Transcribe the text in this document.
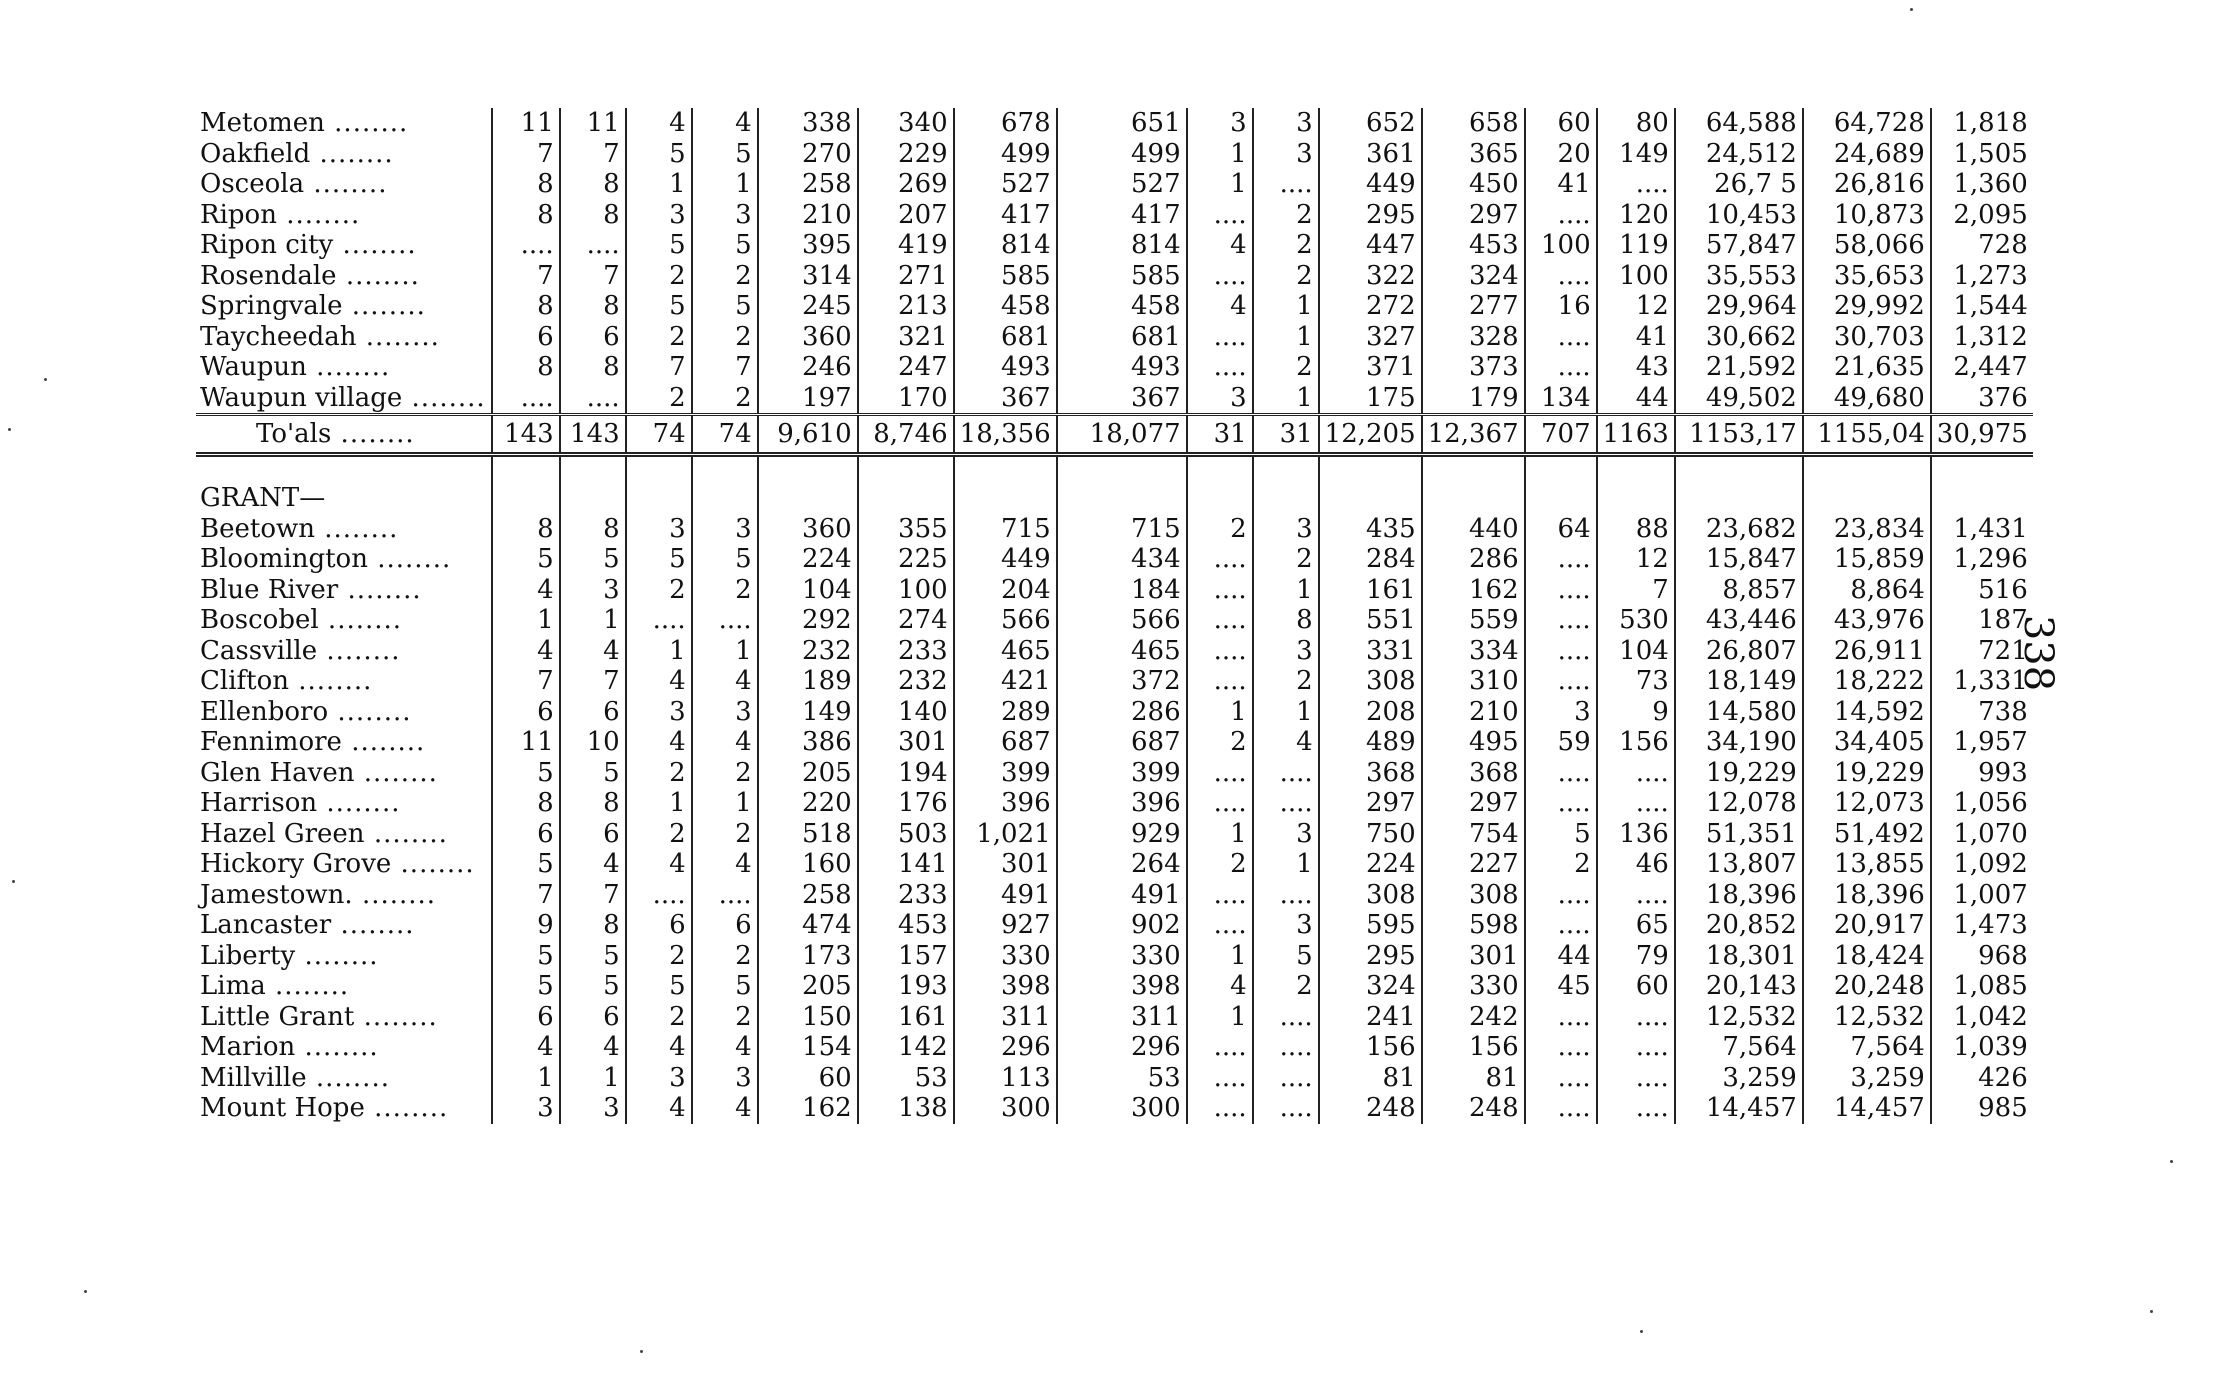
Metomen .....	11	11	4	4	338	340	678	651	3	3	652	658	60	80	64,588	64,728	1,818
Oakfield .....	7	7	5	5	270	229	499	499	1	3	361	365	20	149	24,512	24,689	1,505
Osceola .....	8	8	1	1	258	269	527	527	1	....	449	450	41	....	26,7 5	26,816	1,360
Ripon .....	8	8	3	3	210	207	417	417	....	2	295	297	....	120	10,453	10,873	2,095
Ripon city .....	....	....	5	5	395	419	814	814	4	2	447	453	100	119	57,847	58,066	728
Rosendale .....	7	7	2	2	314	271	585	585	....	2	322	324	....	100	35,553	35,653	1,273
Springvale .....	8	8	5	5	245	213	458	458	4	1	272	277	16	12	29,964	29,992	1,544
Taycheedah .....	6	6	2	2	360	321	681	681	....	1	327	328	....	41	30,662	30,703	1,312
Waupun .....	8	8	7	7	246	247	493	493	....	2	371	373	....	43	21,592	21,635	2,447
Waupun village .....	....	....	2	2	197	170	367	367	3	1	175	179	134	44	49,502	49,680	376
To'als .....	143	143	74	74	9,610	8,746	18,356	18,077	31	31	12,205	12,367	707	1163	1153,17	1155,04	30,975

GRANT—																	
Beetown .....	8	8	3	3	360	355	715	715	2	3	435	440	64	88	23,682	23,834	1,431
Bloomington .....	5	5	5	5	224	225	449	434	....	2	284	286	....	12	15,847	15,859	1,296
Blue River .....	4	3	2	2	104	100	204	184	....	1	161	162	....	7	8,857	8,864	516
Boscobel .....	1	1	....	....	292	274	566	566	....	8	551	559	....	530	43,446	43,976	187
Cassville .....	4	4	1	1	232	233	465	465	....	3	331	334	....	104	26,807	26,911	721
Clifton .....	7	7	4	4	189	232	421	372	....	2	308	310	....	73	18,149	18,222	1,331
Ellenboro .....	6	6	3	3	149	140	289	286	1	1	208	210	3	9	14,580	14,592	738
Fennimore .....	11	10	4	4	386	301	687	687	2	4	489	495	59	156	34,190	34,405	1,957
Glen Haven .....	5	5	2	2	205	194	399	399	....	....	368	368	....	....	19,229	19,229	993
Harrison .....	8	8	1	1	220	176	396	396	....	....	297	297	....	....	12,078	12,073	1,056
Hazel Green .....	6	6	2	2	518	503	1,021	929	1	3	750	754	5	136	51,351	51,492	1,070
Hickory Grove .....	5	4	4	4	160	141	301	264	2	1	224	227	2	46	13,807	13,855	1,092
Jamestown. .....	7	7	....	....	258	233	491	491	....	....	308	308	....	....	18,396	18,396	1,007
Lancaster .....	9	8	6	6	474	453	927	902	....	3	595	598	....	65	20,852	20,917	1,473
Liberty .....	5	5	2	2	173	157	330	330	1	5	295	301	44	79	18,301	18,424	968
Lima .....	5	5	5	5	205	193	398	398	4	2	324	330	45	60	20,143	20,248	1,085
Little Grant .....	6	6	2	2	150	161	311	311	1	....	241	242	....	....	12,532	12,532	1,042
Marion .....	4	4	4	4	154	142	296	296	....	....	156	156	....	....	7,564	7,564	1,039
Millville .....	1	1	3	3	60	53	113	53	....	....	81	81	....	....	3,259	3,259	426
Mount Hope .....	3	3	4	4	162	138	300	300	....	....	248	248	....	....	14,457	14,457	985
338
